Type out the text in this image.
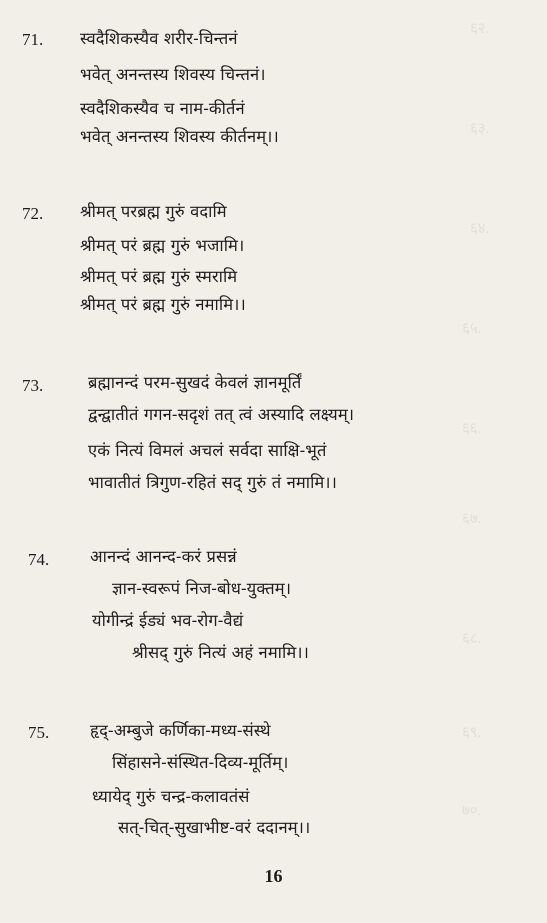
६२.
६३.
६४.
६५.
६६.
६७.
६८.
६९.
७०.
71. स्वदैशिकस्यैव शरीर-चिन्तनं
भवेत् अनन्तस्य शिवस्य चिन्तनं।
स्वदैशिकस्यैव च नाम-कीर्तनं
भवेत् अनन्तस्य शिवस्य कीर्तनम्।।
72. श्रीमत् परब्रह्म गुरुं वदामि
श्रीमत् परं ब्रह्म गुरुं भजामि।
श्रीमत् परं ब्रह्म गुरुं स्मरामि
श्रीमत् परं ब्रह्म गुरुं नमामि।।
73.	ब्रह्मानन्दं परम-सुखदं केवलं ज्ञानमूर्तिं
द्वन्द्वातीतं गगन-सदृशं तत् त्वं अस्यादि लक्ष्यम्।
एकं नित्यं विमलं अचलं सर्वदा साक्षि-भूतं
भावातीतं त्रिगुण-रहितं सद् गुरुं तं नमामि।।
74. आनन्दं आनन्द-करं प्रसन्नं
ज्ञान-स्वरूपं निज-बोध-युक्तम्।
योगीन्द्रं ईड्यं भव-रोग-वैद्यं
श्रीसद् गुरुं नित्यं अहं नमामि।।
75. हृद्-अम्बुजे कर्णिका-मध्य-संस्थे
सिंहासने-संस्थित-दिव्य-मूर्तिम्।
ध्यायेद् गुरुं चन्द्र-कलावतंसं
सत्-चित्-सुखाभीष्ट-वरं ददानम्।।
16
